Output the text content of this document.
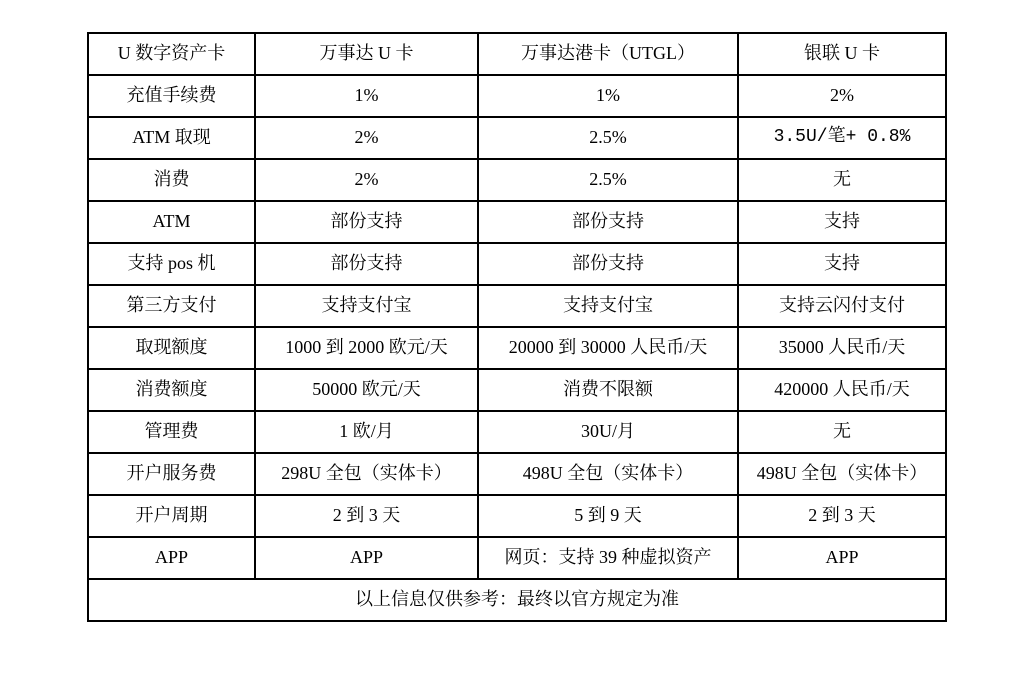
U 数字资产卡	万事达 U 卡	万事达港卡（UTGL）	银联 U 卡
充值手续费	1%	1%	2%
ATM 取现	2%	2.5%	3.5U/笔+ 0.8%
消费	2%	2.5%	无
ATM	部份支持	部份支持	支持
支持 pos 机	部份支持	部份支持	支持
第三方支付	支持支付宝	支持支付宝	支持云闪付支付
取现额度	1000 到 2000 欧元/天	20000 到 30000 人民币/天	35000 人民币/天
消费额度	50000 欧元/天	消费不限额	420000 人民币/天
管理费	1 欧/月	30U/月	无
开户服务费	298U 全包（实体卡）	498U 全包（实体卡）	498U 全包（实体卡）
开户周期	2 到 3 天	5 到 9 天	2 到 3 天
APP	APP	网页：支持 39 种虚拟资产	APP
以上信息仅供参考：最终以官方规定为准			
